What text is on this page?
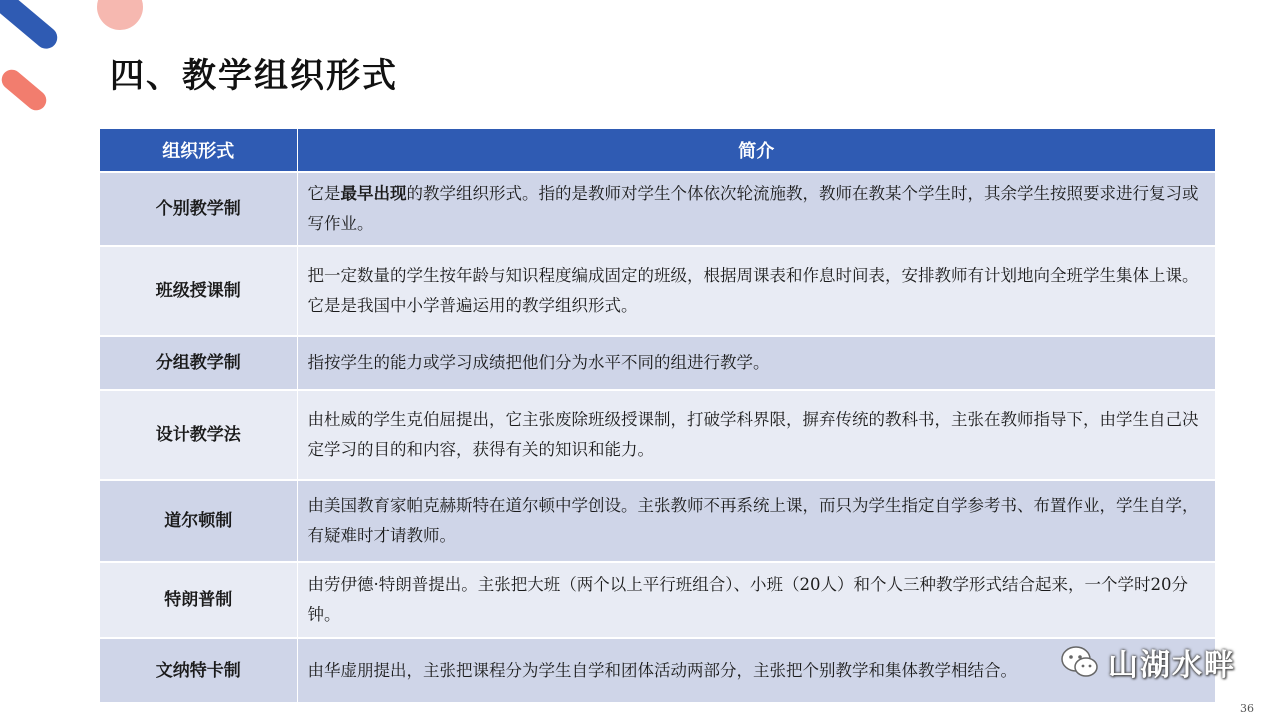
四、教学组织形式
组织形式	简介
个别教学制	它是最早出现的教学组织形式。指的是教师对学生个体依次轮流施教，教师在教某个学生时，其余学生按照要求进行复习或写作业。
班级授课制	把一定数量的学生按年龄与知识程度编成固定的班级，根据周课表和作息时间表，安排教师有计划地向全班学生集体上课。它是是我国中小学普遍运用的教学组织形式。
分组教学制	指按学生的能力或学习成绩把他们分为水平不同的组进行教学。
设计教学法	由杜威的学生克伯屈提出，它主张废除班级授课制，打破学科界限，摒弃传统的教科书，主张在教师指导下，由学生自己决定学习的目的和内容，获得有关的知识和能力。
道尔顿制	由美国教育家帕克赫斯特在道尔顿中学创设。主张教师不再系统上课，而只为学生指定自学参考书、布置作业，学生自学，有疑难时才请教师。
特朗普制	由劳伊德·特朗普提出。主张把大班（两个以上平行班组合）、小班（20人）和个人三种教学形式结合起来，一个学时20分钟。
文纳特卡制	由华虚朋提出，主张把课程分为学生自学和团体活动两部分，主张把个别教学和集体教学相结合。	山湖水畔
36
